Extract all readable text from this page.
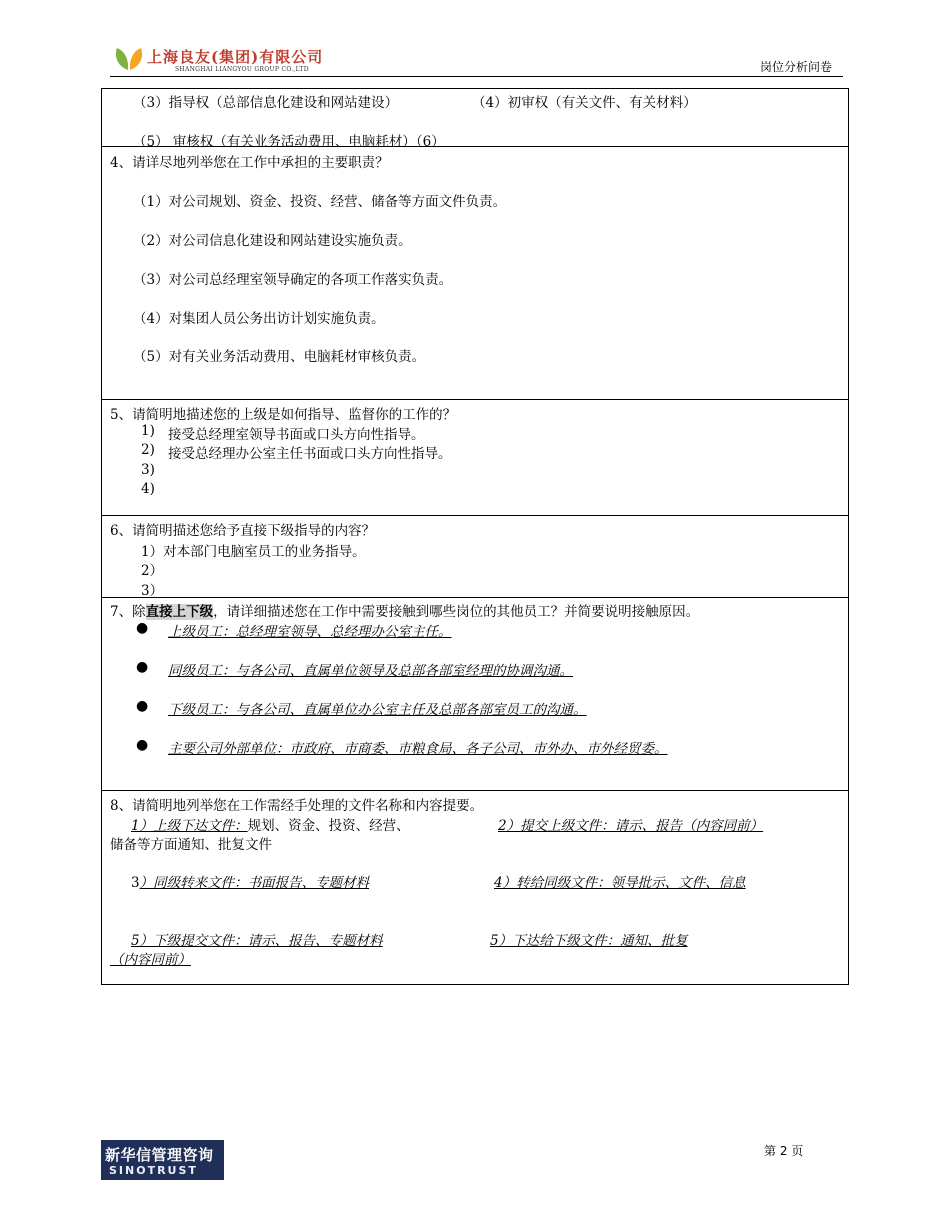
上海良友(集团)有限公司
SHANGHAI LIANGYOU GROUP CO.,LTD	岗位分析问卷
（3）指导权（总部信息化建设和网站建设）	（4）初审权（有关文件、有关材料）
（5） 审核权（有关业务活动费用、电脑耗材）（6）
4、请详尽地列举您在工作中承担的主要职责？
（1）对公司规划、资金、投资、经营、储备等方面文件负责。
（2）对公司信息化建设和网站建设实施负责。
（3）对公司总经理室领导确定的各项工作落实负责。
（4）对集团人员公务出访计划实施负责。
（5）对有关业务活动费用、电脑耗材审核负责。
5、请简明地描述您的上级是如何指导、监督你的工作的？
1) 接受总经理室领导书面或口头方向性指导。
2) 接受总经理办公室主任书面或口头方向性指导。
3)
4)
6、请简明描述您给予直接下级指导的内容？
1）对本部门电脑室员工的业务指导。
2）
3）
7、除直接上下级，请详细描述您在工作中需要接触到哪些岗位的其他员工？并简要说明接触原因。
● 上级员工：总经理室领导、总经理办公室主任。
● 同级员工：与各公司、直属单位领导及总部各部室经理的协调沟通。
● 下级员工：与各公司、直属单位办公室主任及总部各部室员工的沟通。
● 主要公司外部单位：市政府、市商委、市粮食局、各子公司、市外办、市外经贸委。
8、请简明地列举您在工作需经手处理的文件名称和内容提要。
1）上级下达文件：规划、资金、投资、经营、	2）提交上级文件：请示、报告（内容同前）
储备等方面通知、批复文件
3）同级转来文件：书面报告、专题材料	4）转给同级文件：领导批示、文件、信息
5）下级提交文件：请示、报告、专题材料	5）下达给下级文件：通知、批复
（内容同前）
新华信管理咨询
SINOTRUST
第 2 页
